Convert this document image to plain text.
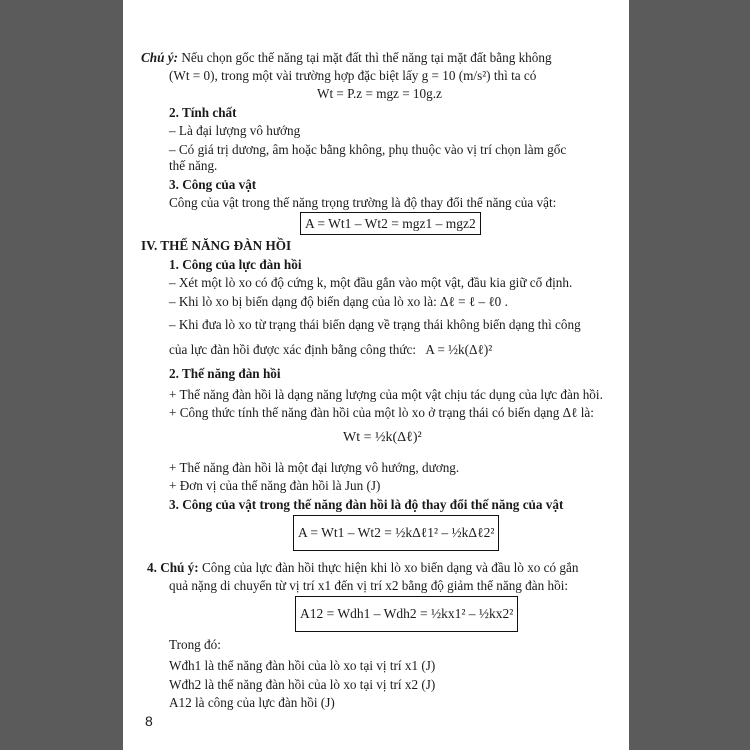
Chú ý: Nếu chọn gốc thế năng tại mặt đất thì thế năng tại mặt đất bằng không
(Wt = 0), trong một vài trường hợp đặc biệt lấy g = 10 (m/s²) thì ta có
Wt = P.z = mgz = 10g.z
2. Tính chất
– Là đại lượng vô hướng
– Có giá trị dương, âm hoặc bằng không, phụ thuộc vào vị trí chọn làm gốc
thế năng.
3. Công của vật
Công của vật trong thế năng trọng trường là độ thay đổi thế năng của vật:
A = Wt1 – Wt2 = mgz1 – mgz2
IV. THẾ NĂNG ĐÀN HỒI
1. Công của lực đàn hồi
– Xét một lò xo có độ cứng k, một đầu gắn vào một vật, đầu kia giữ cố định.
– Khi lò xo bị biến dạng độ biến dạng của lò xo là: Δℓ = ℓ – ℓ0 .
– Khi đưa lò xo từ trạng thái biến dạng về trạng thái không biến dạng thì công
của lực đàn hồi được xác định bằng công thức: A = ½k(Δℓ)²
2. Thế năng đàn hồi
+ Thế năng đàn hồi là dạng năng lượng của một vật chịu tác dụng của lực đàn hồi.
+ Công thức tính thế năng đàn hồi của một lò xo ở trạng thái có biến dạng Δℓ là:
Wt = ½k(Δℓ)²
+ Thế năng đàn hồi là một đại lượng vô hướng, dương.
+ Đơn vị của thế năng đàn hồi là Jun (J)
3. Công của vật trong thế năng đàn hồi là độ thay đổi thế năng của vật
A = Wt1 – Wt2 = ½kΔℓ1² – ½kΔℓ2²
4. Chú ý: Công của lực đàn hồi thực hiện khi lò xo biến dạng và đầu lò xo có gắn
quả nặng di chuyển từ vị trí x1 đến vị trí x2 bằng độ giảm thế năng đàn hồi:
A12 = Wdh1 – Wdh2 = ½kx1² – ½kx2²
Trong đó:
Wđh1 là thế năng đàn hồi của lò xo tại vị trí x1 (J)
Wđh2 là thế năng đàn hồi của lò xo tại vị trí x2 (J)
A12 là công của lực đàn hồi (J)
8
